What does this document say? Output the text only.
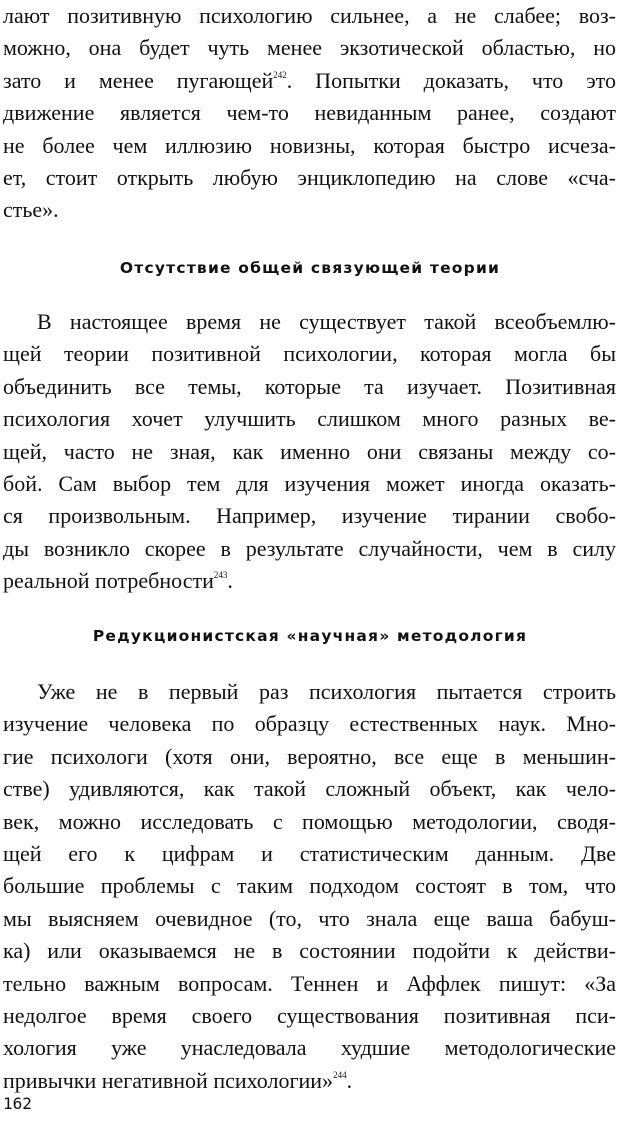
лают позитивную психологию сильнее, а не слабее; воз-
можно, она будет чуть менее экзотической областью, но
зато и менее пугающей$^{242}$. Попытки доказать, что это
движение является чем-то невиданным ранее, создают
не более чем иллюзию новизны, которая быстро исчеза-
ет, стоит открыть любую энциклопедию на слове «сча-
стье».
Отсутствие общей связующей теории
В настоящее время не существует такой всеобъемлю-
щей теории позитивной психологии, которая могла бы
объединить все темы, которые та изучает. Позитивная
психология хочет улучшить слишком много разных ве-
щей, часто не зная, как именно они связаны между со-
бой. Сам выбор тем для изучения может иногда оказать-
ся произвольным. Например, изучение тирании свобо-
ды возникло скорее в результате случайности, чем в силу
реальной потребности$^{243}$.
Редукционистская «научная» методология
Уже не в первый раз психология пытается строить
изучение человека по образцу естественных наук. Мно-
гие психологи (хотя они, вероятно, все еще в меньшин-
стве) удивляются, как такой сложный объект, как чело-
век, можно исследовать с помощью методологии, сводя-
щей его к цифрам и статистическим данным. Две
большие проблемы с таким подходом состоят в том, что
мы выясняем очевидное (то, что знала еще ваша бабуш-
ка) или оказываемся не в состоянии подойти к действи-
тельно важным вопросам. Теннен и Аффлек пишут: «За
недолгое время своего существования позитивная пси-
хология уже унаследовала худшие методологические
привычки негативной психологии»$^{244}$.
162
